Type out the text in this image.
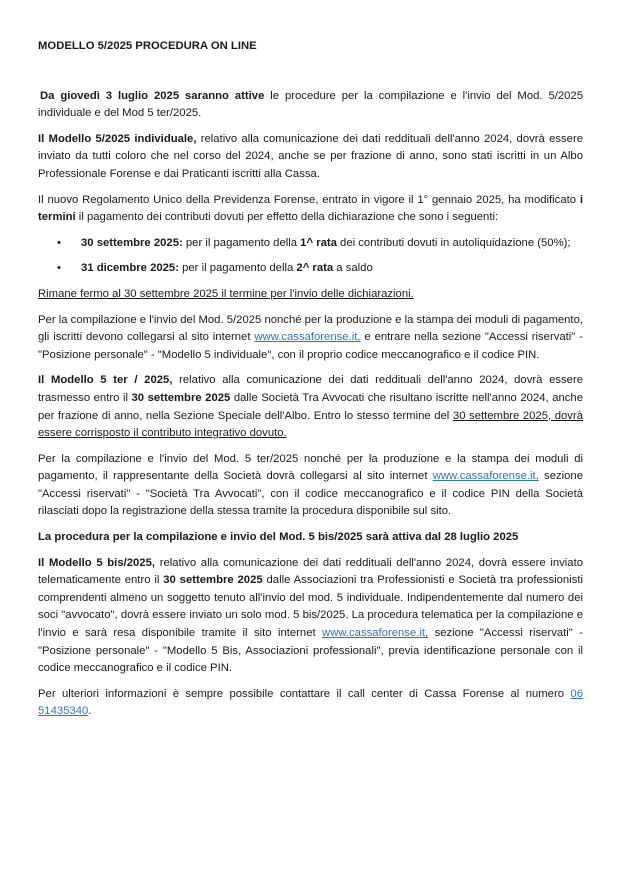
MODELLO 5/2025 PROCEDURA ON LINE

Da giovedì 3 luglio 2025 saranno attive le procedure per la compilazione e l'invio del Mod. 5/2025 individuale e del Mod 5 ter/2025.

Il Modello 5/2025 individuale, relativo alla comunicazione dei dati reddituali dell'anno 2024, dovrà essere inviato da tutti coloro che nel corso del 2024, anche se per frazione di anno, sono stati iscritti in un Albo Professionale Forense e dai Praticanti iscritti alla Cassa.

Il nuovo Regolamento Unico della Previdenza Forense, entrato in vigore il 1° gennaio 2025, ha modificato i termini il pagamento dei contributi dovuti per effetto della dichiarazione che sono i seguenti:

• 30 settembre 2025: per il pagamento della 1^ rata dei contributi dovuti in autoliquidazione (50%);
• 31 dicembre 2025: per il pagamento della 2^ rata a saldo

Rimane fermo al 30 settembre 2025 il termine per l'invio delle dichiarazioni.

Per la compilazione e l'invio del Mod. 5/2025 nonché per la produzione e la stampa dei moduli di pagamento, gli iscritti devono collegarsi al sito internet www.cassaforense.it, e entrare nella sezione "Accessi riservati" - "Posizione personale" - "Modello 5 individuale", con il proprio codice meccanografico e il codice PIN.

Il Modello 5 ter / 2025, relativo alla comunicazione dei dati reddituali dell'anno 2024, dovrà essere trasmesso entro il 30 settembre 2025 dalle Società Tra Avvocati che risultano iscritte nell'anno 2024, anche per frazione di anno, nella Sezione Speciale dell'Albo. Entro lo stesso termine del 30 settembre 2025, dovrà essere corrisposto il contributo integrativo dovuto.

Per la compilazione e l'invio del Mod. 5 ter/2025 nonché per la produzione e la stampa dei moduli di pagamento, il rappresentante della Società dovrà collegarsi al sito internet www.cassaforense.it, sezione "Accessi riservati" - "Società Tra Avvocati", con il codice meccanografico e il codice PIN della Società rilasciati dopo la registrazione della stessa tramite la procedura disponibile sul sito.

La procedura per la compilazione e invio del Mod. 5 bis/2025 sarà attiva dal 28 luglio 2025

Il Modello 5 bis/2025, relativo alla comunicazione dei dati reddituali dell'anno 2024, dovrà essere inviato telematicamente entro il 30 settembre 2025 dalle Associazioni tra Professionisti e Società tra professionisti comprendenti almeno un soggetto tenuto all'invio del mod. 5 individuale. Indipendentemente dal numero dei soci "avvocato", dovrà essere inviato un solo mod. 5 bis/2025. La procedura telematica per la compilazione e l'invio e sarà resa disponibile tramite il sito internet www.cassaforense.it, sezione "Accessi riservati" - "Posizione personale" - "Modello 5 Bis, Associazioni professionali", previa identificazione personale con il codice meccanografico e il codice PIN.

Per ulteriori informazioni è sempre possibile contattare il call center di Cassa Forense al numero 06 51435340.
